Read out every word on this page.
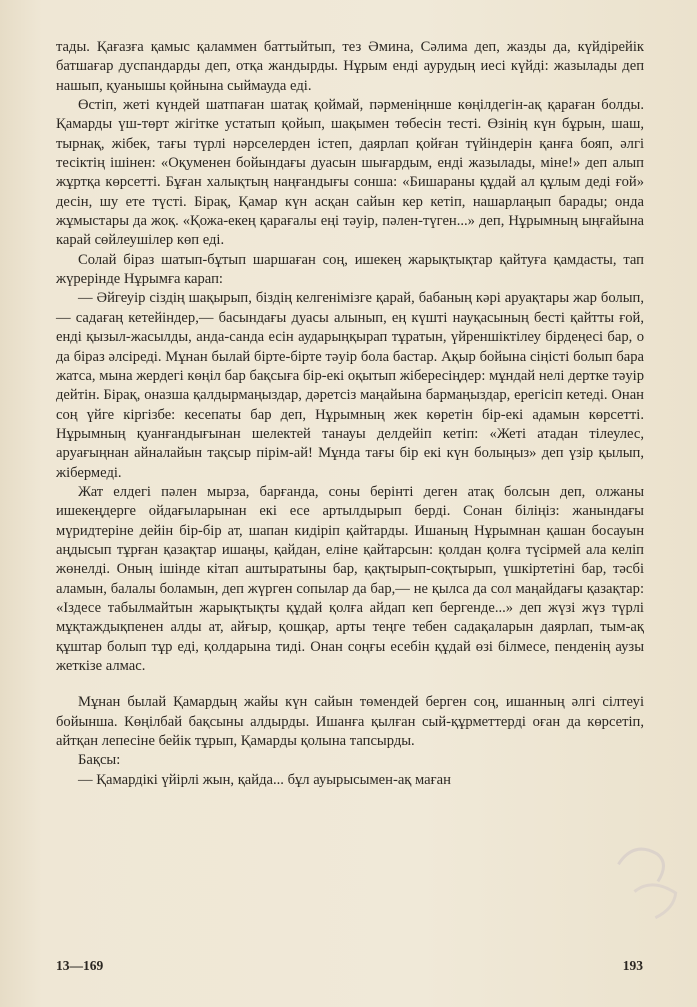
тады. Қағазға қамыс қаламмен баттыйтып, тез Әмина, Сәлима деп, жазды да, күйдірейік батшағар дуспандарды деп, отқа жандырды. Нұрым енді аурудың иесі күйді: жазылады деп нашып, қуанышы қойнына сыймауда еді.

Өстіп, жеті күндей шатпаған шатақ қоймай, пәрменіңнше көңілдегін-ақ қараған болды. Қамарды үш-төрт жігітке устатып қойып, шақымен төбесін тесті. Өзінің күн бұрын, шаш, тырнақ, жібек, тағы түрлі нәрселерден істеп, даярлап қойған түйіндерін қанға бояп, әлгі тесіктің ішінен: «Оқуменен бойындағы дуасын шығардым, енді жазылады, міне!» деп алып жұртқа көрсетті. Бұған халықтың наңғандығы сонша: «Бишараны құдай ал құлым деді ғой» десін, шу ете түсті. Бірақ, Қамар күн асқан сайын кер кетіп, нашарлаңып барады; онда жұмыстары да жоқ. «Қожа-екең қарағалы еңі тәуір, пәлен-түген...» деп, Нұрымның ыңғайына карай сөйлеушілер көп еді.

Солай біраз шатып-бұтып шаршаған соң, ишекең жарықтықтар қайтуға қамдасты, тап жүрерінде Нұрымға карап:

— Әйгеуір сіздің шақырып, біздің келгенімізге қарай, бабаның кәрі аруақтары жар болып,— садағаң кетейіндер,— басындағы дуасы алынып, ең күшті науқасының бесті қайтты ғой, енді қызыл-жасылды, анда-санда есін аударыңқырап тұратын, үйреншіктілеу бірдеңесі бар, о да біраз әлсіреді. Мұнан былай бірте-бірте тәуір бола бастар. Ақыр бойына сіңісті болып бара жатса, мына жердегі көңіл бар бақсыға бір-екі оқытып жібересіңдер: мұндай нелі дертке тәуір дейтін. Бірақ, оназша қалдырмаңыздар, дәретсіз маңайына бармаңыздар, ерегісіп кетеді. Онан соң үйге кіргізбе: кесепаты бар деп, Нұрымның жек көретін бір-екі адамын көрсетті. Нұрымның қуанғандығынан шелектей танауы делдейіп кетіп: «Жеті атадан тілеулес, аруағыңнан айналайын тақсыр пірім-ай! Мұнда тағы бір екі күн болыңыз» деп үзір қылып, жібермеді.

Жат елдегі пәлен мырза, барғанда, соны берінті деген атақ болсын деп, олжаны ишекеңдерге ойдағыларынан екі есе артылдырып берді. Сонан біліңіз: жанындағы мүридтеріне дейін бір-бір ат, шапан кидіріп қайтарды. Ишаның Нұрымнан қашан босауын аңдысып тұрған қазақтар ишаңы, қайдан, еліне қайтарсын: қолдан қолға түсірмей ала келіп жөнелді. Оның ішінде кітап аштыратыны бар, қақтырып-соқтырып, үшкіртетіні бар, тәсбі аламын, балалы боламын, деп жүрген сопылар да бар,— не қылса да сол маңайдағы қазақтар: «Іздесе табылмайтын жарықтықты құдай қолға айдап кеп бергенде...» деп жүзі жүз түрлі мұқтаждықпенен алды ат, айғыр, қошқар, арты теңге тебен садақаларын даярлап, тым-ақ құштар болып тұр еді, қолдарына тиді. Онан соңғы есебін құдай өзі білмесе, пенденің аузы жеткізе алмас.

Мұнан былай Қамардың жайы күн сайын төмендей берген соң, ишанның әлгі сілтеуі бойынша. Көңілбай бақсыны алдырды. Ишанға қылған сый-құрметтерді оған да көрсетіп, айтқан лепесіне бейік тұрып, Қамарды қолына тапсырды.

Бақсы:

— Қамардікі үйірлі жын, қайда... бұл ауырысымен-ақ маған

13—169	193
